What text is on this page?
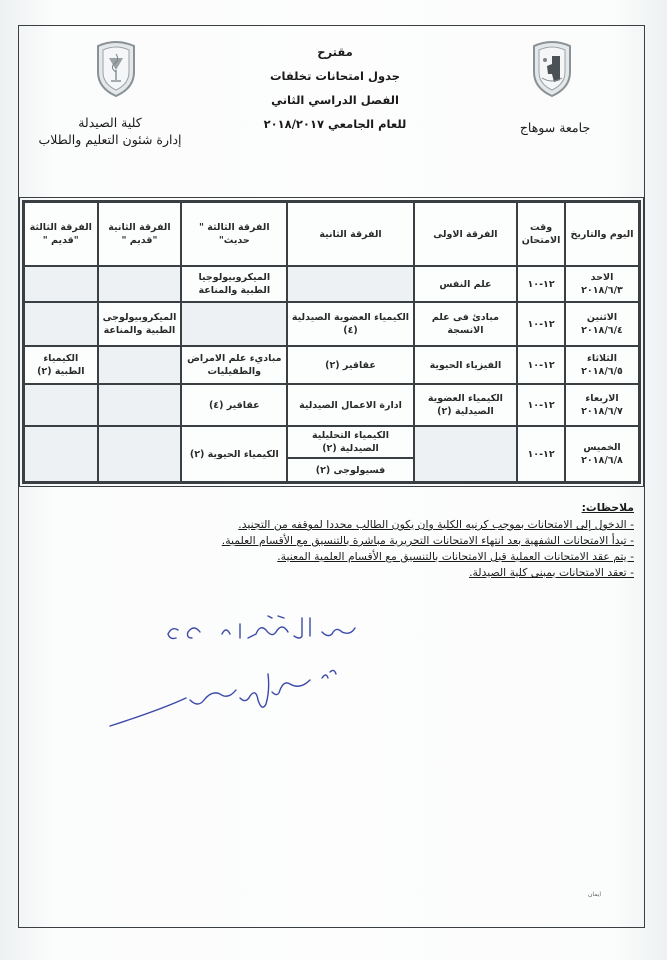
كلية الصيدلة
إدارة شئون التعليم والطلاب
جامعة سوهاج
مقترح
جدول امتحانات تخلفات
الفصل الدراسي الثاني
للعام الجامعي ٢٠١٨/٢٠١٧
اليوم والتاريخ	وقت الامتحان	الفرقة الاولى	الفرقة الثانية	الفرقة الثالثة " حديث"	الفرقة الثانية "قديم "	الفرقة الثالثة "قديم "

الاحد
٢٠١٨/٦/٣	١٢-١٠	علم النفس		الميكروبيولوجيا الطبية والمناعة		

الاثنين
٢٠١٨/٦/٤	١٢-١٠	مبادئ فى علم الانسجة	الكيمياء العضوية الصيدلية (٤)		الميكروبيولوجى الطبية والمناعة	

الثلاثاء
٢٠١٨/٦/٥	١٢-١٠	الفيزياء الحيوية	عقاقير (٢)	مباديء علم الامراض والطفيليات		الكيمياء الطبية (٢)

الاربعاء
٢٠١٨/٦/٧	١٢-١٠	الكيمياء العضوية الصيدلية (٢)	ادارة الاعمال الصيدلية	عقاقير (٤)		

الخميس
٢٠١٨/٦/٨	١٢-١٠		الكيمياء التحليلية الصيدلية (٢)	الكيمياء الحيوية (٢)		
			فسيولوجى (٢)			
ملاحظات:
- الدخول إلى الامتحانات بموجب كرنيه الكلية وان يكون الطالب محددا لموقفه من التجنيد.
- تبدأ الامتحانات الشفهية بعد انتهاء الامتحانات التحريرية مباشرة بالتنسيق مع الأقسام العلمية.
- يتم عقد الامتحانات العملية قبل الامتحانات بالتنسيق مع الأقسام العلمية المعنية.
- تعقد الامتحانات بمبنى كلية الصيدلة.
ايمان
